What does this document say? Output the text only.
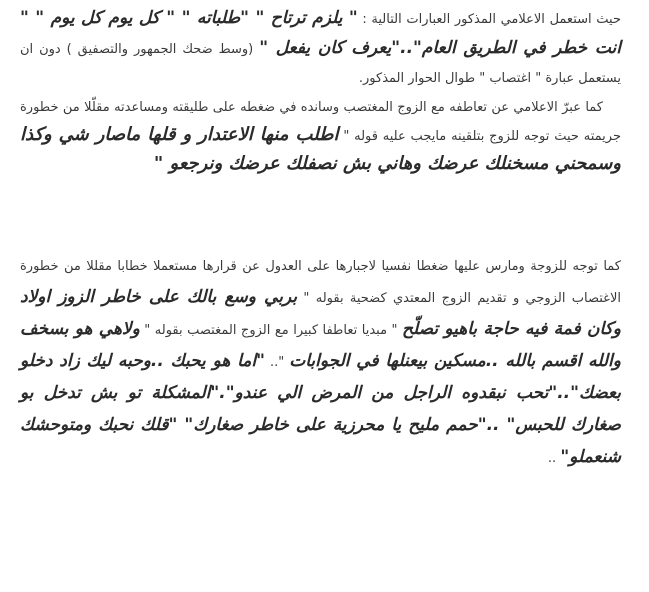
حيث استعمل الاعلامي المذكور العبارات التالية : " يلزم ترتاح " "طلباته " " كل يوم كل يوم " " انت خطر في الطريق العام".."يعرف كان يفعل " (وسط ضحك الجمهور والتصفيق ) دون ان يستعمل عبارة " اغتصاب " طوال الحوار المذكور.

كما عبرّ الاعلامي عن تعاطفه مع الزوج المغتصب وسانده في ضغطه على طليقته ومساعدته مقلّلا من خطورة جريمته حيث توجه للزوج بتلقينه مايجب عليه قوله " اطلب منها الاعتدار و قلها ماصار شي وكذا وسمحني مسخنلك عرضك وهاني بش نصفلك عرضك ونرجعو "

كما توجه للزوجة ومارس عليها ضغطا نفسيا لاجبارها على العدول عن قرارها مستعملا خطابا مقللا من خطورة الاغتصاب الزوجي و تقديم الزوج المعتدي كضحية بقوله " بربي وسع بالك على خاطر الزوز اولاد وكان فمة فيه حاجة باهيو تصلّح " مبديا تعاطفا كبيرا مع الزوج المغتصب بقوله " ولاهي هو بسخف والله اقسم بالله ..مسكين بيعنلها في الجوابات ".. "اما هو يحبك ..وحبه ليك زاد دخلو بعضك".."تحب نبقدوه الراجل من المرض الي عندو"."المشكلة تو بش تدخل بو صغارك للحبس" .."حمم مليح يا محرزية على خاطر صغارك" "قلك نحبك ومتوحشك شنعملو" ..
